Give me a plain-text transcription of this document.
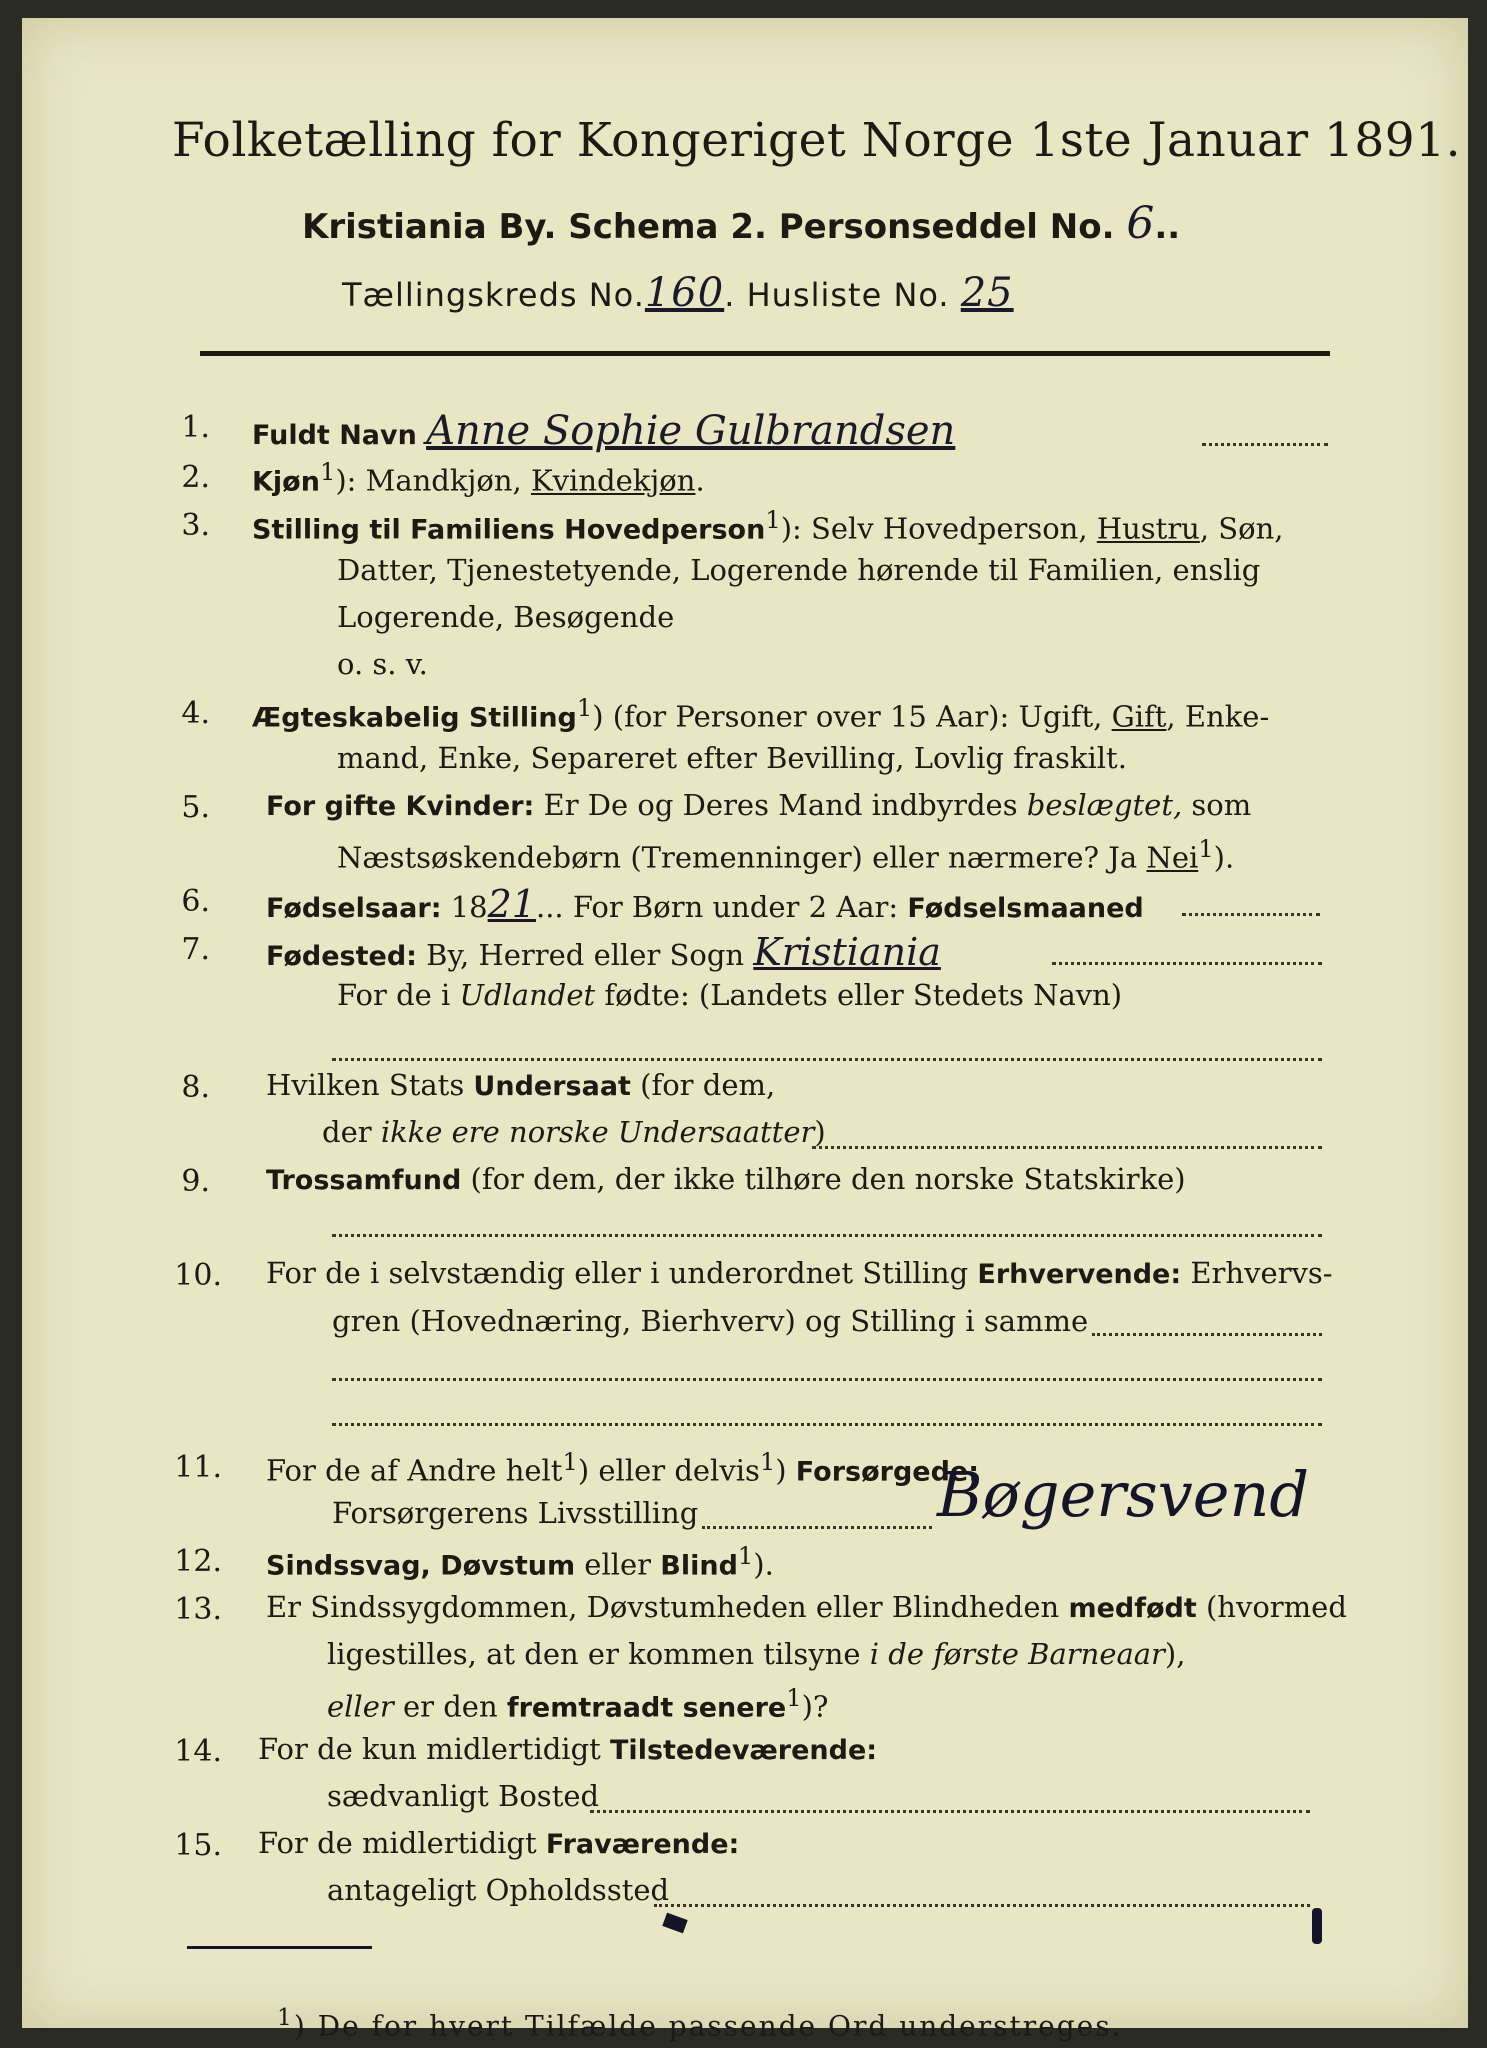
Folketælling for Kongeriget Norge 1ste Januar 1891.
Kristiania By. Schema 2. Personseddel No. 6..
Tællingskreds No.160. Husliste No. 25
1. Fuldt Navn Anne Sophie Gulbrandsen
2. Kjøn$^1$): Mandkjøn, Kvindekjøn.
3. Stilling til Familiens Hovedperson$^1$): Selv Hovedperson, Hustru, Søn,
Datter, Tjenestetyende, Logerende hørende til Familien, enslig
Logerende, Besøgende
o. s. v.
4. Ægteskabelig Stilling$^1$) (for Personer over 15 Aar): Ugift, Gift, Enke-
mand, Enke, Separeret efter Bevilling, Lovlig fraskilt.
5. For gifte Kvinder: Er De og Deres Mand indbyrdes beslægtet, som
Næstsøskendebørn (Tremenninger) eller nærmere? Ja Nei$^1$).
6. Fødselsaar: 1821... For Børn under 2 Aar: Fødselsmaaned
7. Fødested: By, Herred eller Sogn Kristiania
For de i Udlandet fødte: (Landets eller Stedets Navn)
8. Hvilken Stats Undersaat (for dem,
der ikke ere norske Undersaatter)
9. Trossamfund (for dem, der ikke tilhøre den norske Statskirke)
10. For de i selvstændig eller i underordnet Stilling Erhvervende: Erhvervs-
gren (Hovednæring, Bierhverv) og Stilling i samme
11. For de af Andre helt$^1$) eller delvis$^1$) Forsørgede:
Forsørgerens Livsstilling	Bøgersvend
12. Sindssvag, Døvstum eller Blind$^1$).
13. Er Sindssygdommen, Døvstumheden eller Blindheden medfødt (hvormed
ligestilles, at den er kommen tilsyne i de første Barneaar),
eller er den fremtraadt senere$^1$)?
14. For de kun midlertidigt Tilstedeværende:
sædvanligt Bosted
15. For de midlertidigt Fraværende:
antageligt Opholdssted
$^1$) De for hvert Tilfælde passende Ord understreges.
